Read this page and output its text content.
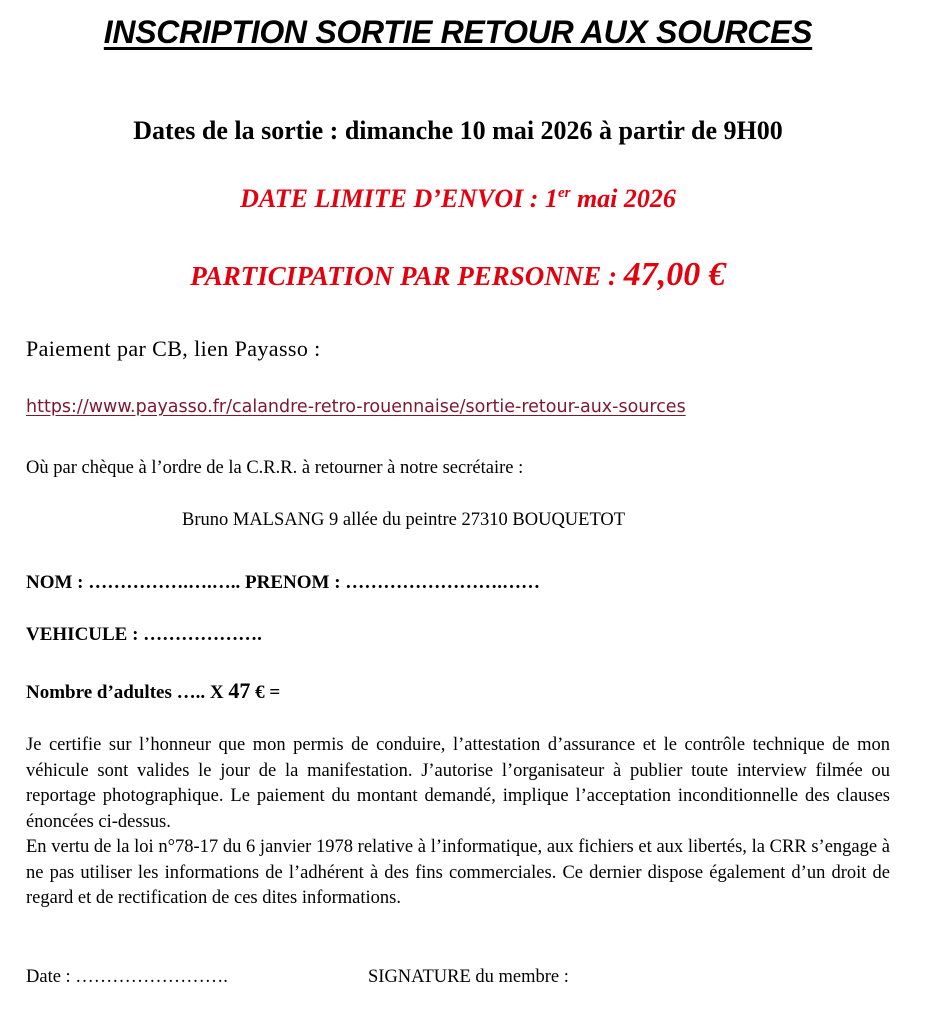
INSCRIPTION SORTIE RETOUR AUX SOURCES
Dates de la sortie : dimanche 10 mai 2026 à partir de 9H00
DATE LIMITE D’ENVOI : 1er mai 2026
PARTICIPATION PAR PERSONNE : 47,00 €
Paiement par CB, lien Payasso :
https://www.payasso.fr/calandre-retro-rouennaise/sortie-retour-aux-sources
Où par chèque à l’ordre de la C.R.R. à retourner à notre secrétaire :
Bruno MALSANG 9 allée du peintre 27310 BOUQUETOT
NOM : …………….….….. PRENOM : …………………….……
VEHICULE : ……………….
Nombre d’adultes ….. X 47 € =

Je certifie sur l’honneur que mon permis de conduire, l’attestation d’assurance et le contrôle technique de mon véhicule sont valides le jour de la manifestation. J’autorise l’organisateur à publier toute interview filmée ou reportage photographique. Le paiement du montant demandé, implique l’acceptation inconditionnelle des clauses énoncées ci-dessus.

En vertu de la loi n°78-17 du 6 janvier 1978 relative à l’informatique, aux fichiers et aux libertés, la CRR s’engage à ne pas utiliser les informations de l’adhérent à des fins commerciales. Ce dernier dispose également d’un droit de regard et de rectification de ces dites informations.

Date : …………………….	SIGNATURE du membre :
